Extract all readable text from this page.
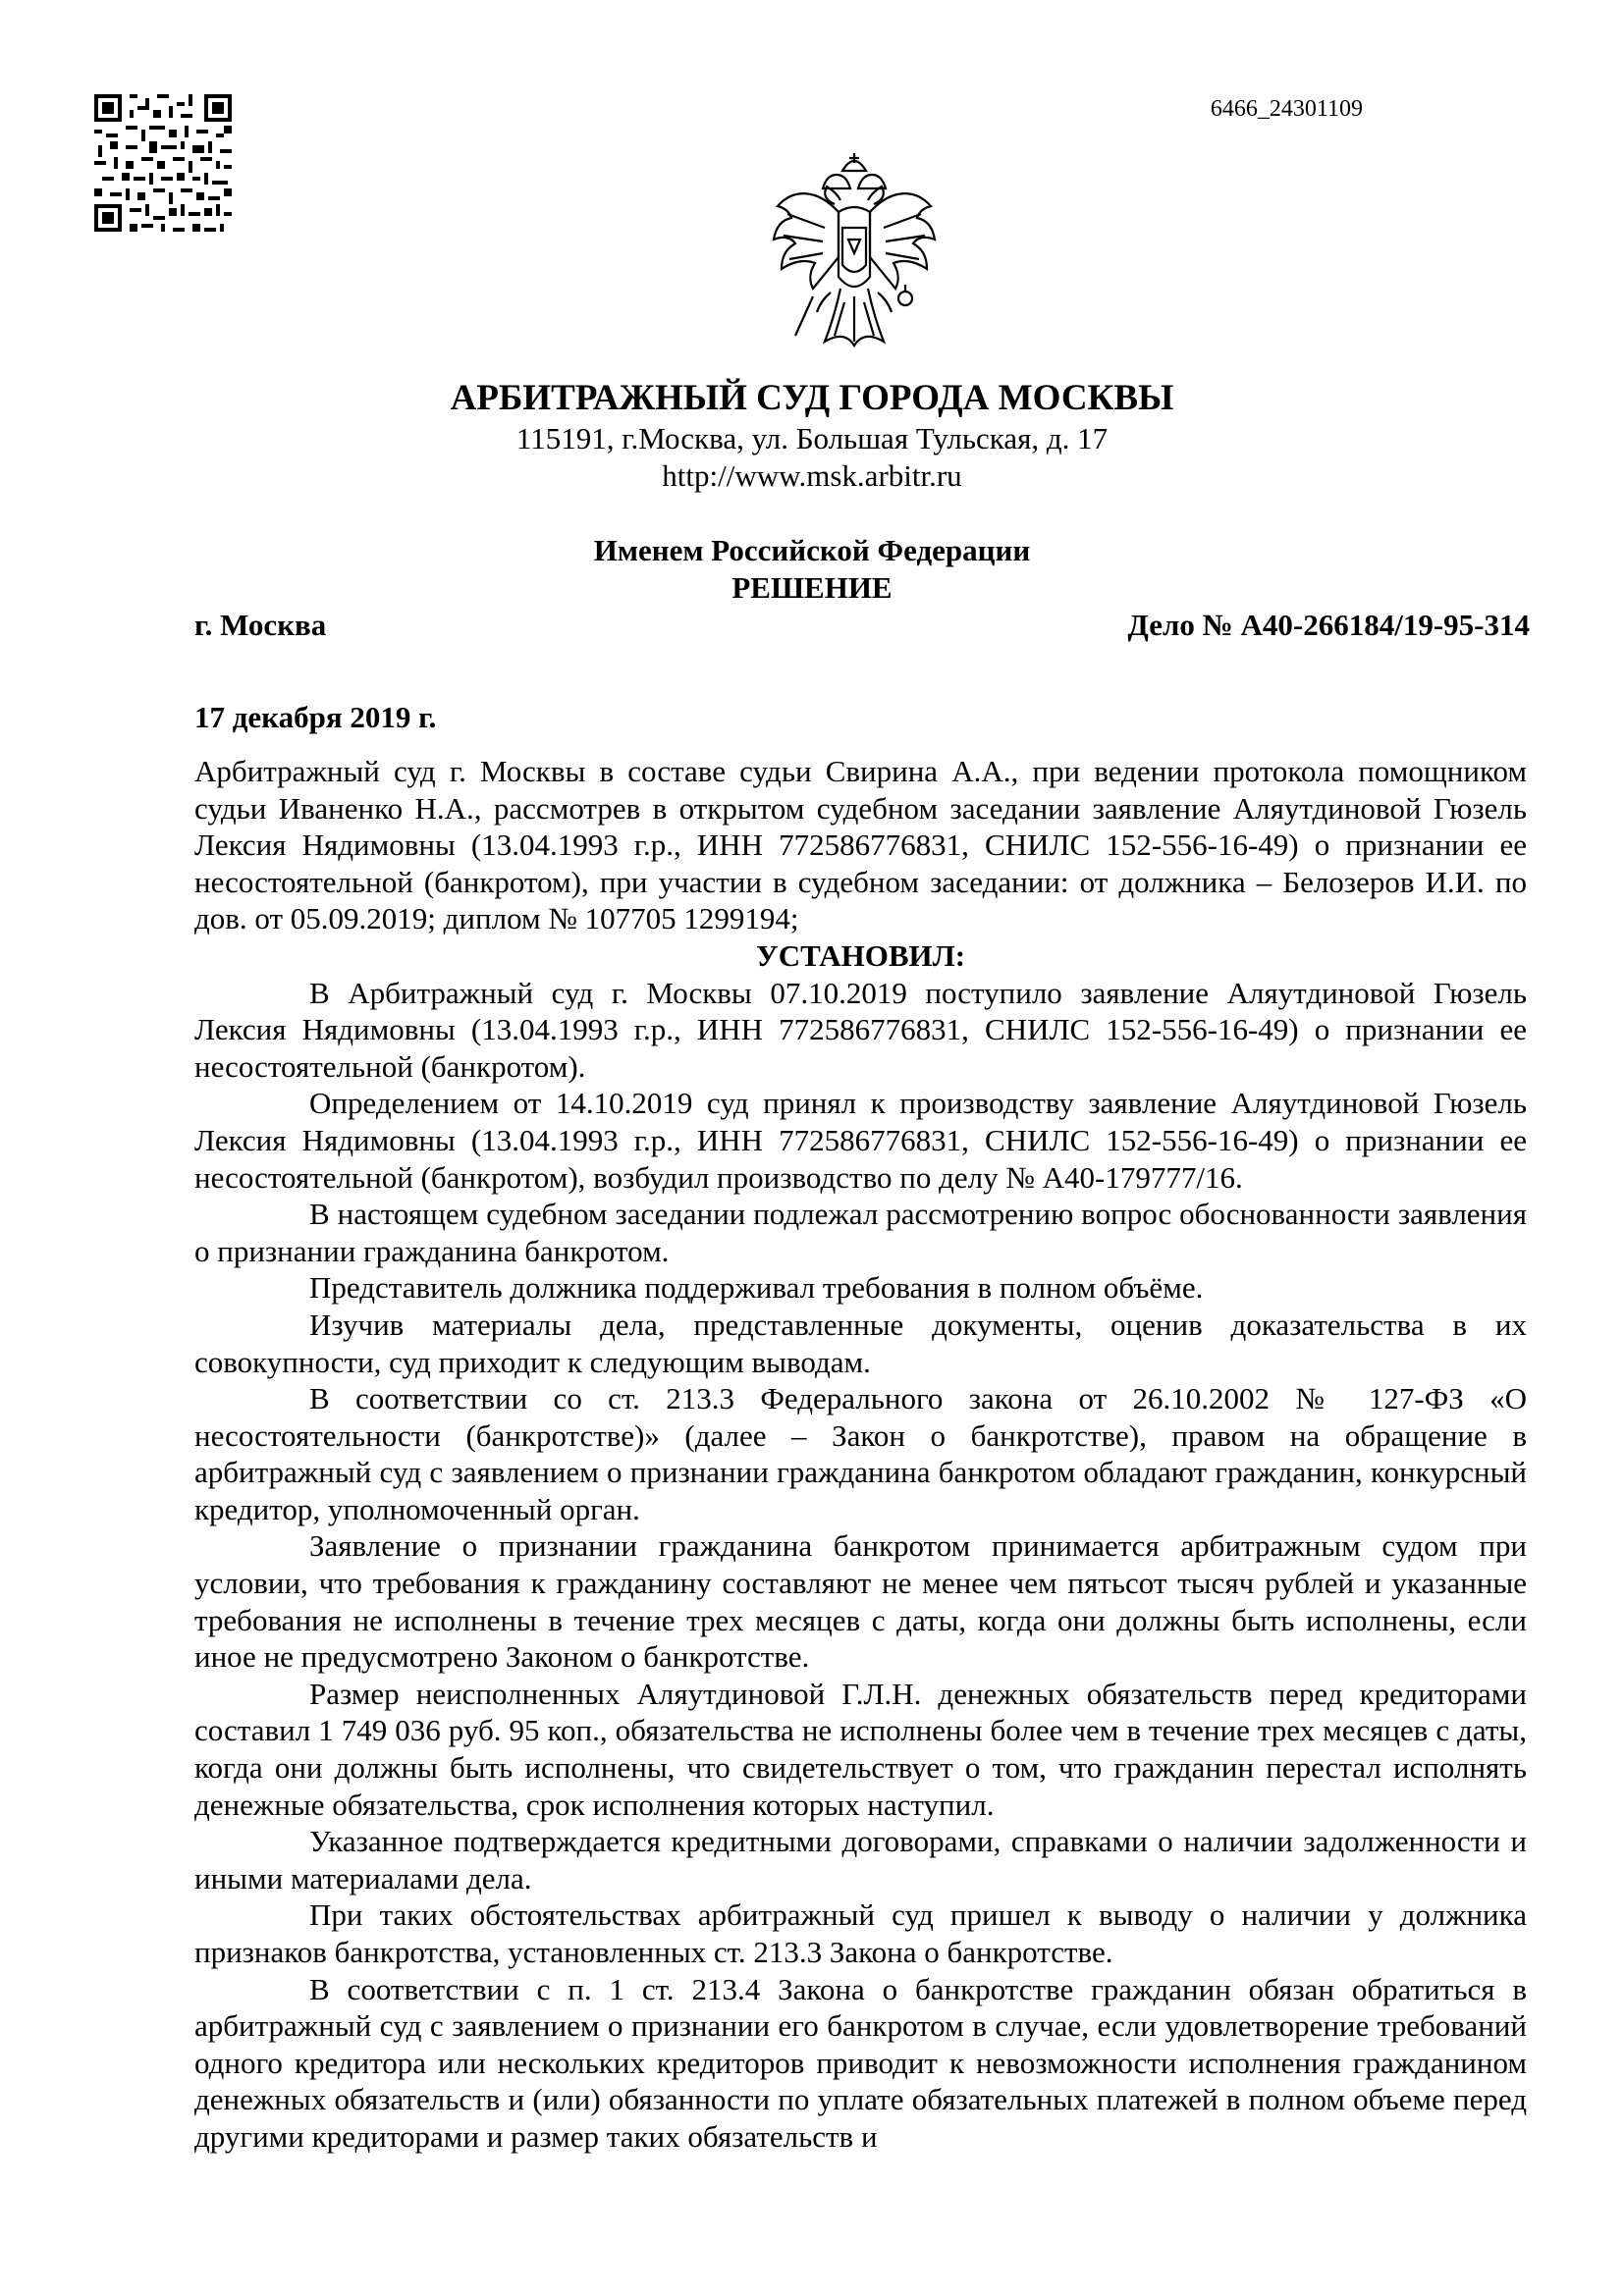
6466_24301109
АРБИТРАЖНЫЙ СУД ГОРОДА МОСКВЫ
115191, г.Москва, ул. Большая Тульская, д. 17
http://www.msk.arbitr.ru
Именем Российской Федерации
РЕШЕНИЕ
г. Москва	Дело № А40-266184/19-95-314
17 декабря 2019 г.

Арбитражный суд г. Москвы в составе судьи Свирина А.А., при ведении протокола помощником судьи Иваненко Н.А., рассмотрев в открытом судебном заседании заявление Аляутдиновой Гюзель Лексия Нядимовны (13.04.1993 г.р., ИНН 772586776831, СНИЛС 152-556-16-49) о признании ее несостоятельной (банкротом), при участии в судебном заседании: от должника – Белозеров И.И. по дов. от 05.09.2019; диплом № 107705 1299194;

УСТАНОВИЛ:

В Арбитражный суд г. Москвы 07.10.2019 поступило заявление Аляутдиновой Гюзель Лексия Нядимовны (13.04.1993 г.р., ИНН 772586776831, СНИЛС 152-556-16-49) о признании ее несостоятельной (банкротом).

Определением от 14.10.2019 суд принял к производству заявление Аляутдиновой Гюзель Лексия Нядимовны (13.04.1993 г.р., ИНН 772586776831, СНИЛС 152-556-16-49) о признании ее несостоятельной (банкротом), возбудил производство по делу № А40-179777/16.

В настоящем судебном заседании подлежал рассмотрению вопрос обоснованности заявления о признании гражданина банкротом.

Представитель должника поддерживал требования в полном объёме.

Изучив материалы дела, представленные документы, оценив доказательства в их совокупности, суд приходит к следующим выводам.

В соответствии со ст. 213.3 Федерального закона от 26.10.2002 № 127-ФЗ «О несостоятельности (банкротстве)» (далее – Закон о банкротстве), правом на обращение в арбитражный суд с заявлением о признании гражданина банкротом обладают гражданин, конкурсный кредитор, уполномоченный орган.

Заявление о признании гражданина банкротом принимается арбитражным судом при условии, что требования к гражданину составляют не менее чем пятьсот тысяч рублей и указанные требования не исполнены в течение трех месяцев с даты, когда они должны быть исполнены, если иное не предусмотрено Законом о банкротстве.

Размер неисполненных Аляутдиновой Г.Л.Н. денежных обязательств перед кредиторами составил 1 749 036 руб. 95 коп., обязательства не исполнены более чем в течение трех месяцев с даты, когда они должны быть исполнены, что свидетельствует о том, что гражданин перестал исполнять денежные обязательства, срок исполнения которых наступил.

Указанное подтверждается кредитными договорами, справками о наличии задолженности и иными материалами дела.

При таких обстоятельствах арбитражный суд пришел к выводу о наличии у должника признаков банкротства, установленных ст. 213.3 Закона о банкротстве.

В соответствии с п. 1 ст. 213.4 Закона о банкротстве гражданин обязан обратиться в арбитражный суд с заявлением о признании его банкротом в случае, если удовлетворение требований одного кредитора или нескольких кредиторов приводит к невозможности исполнения гражданином денежных обязательств и (или) обязанности по уплате обязательных платежей в полном объеме перед другими кредиторами и размер таких обязательств и
